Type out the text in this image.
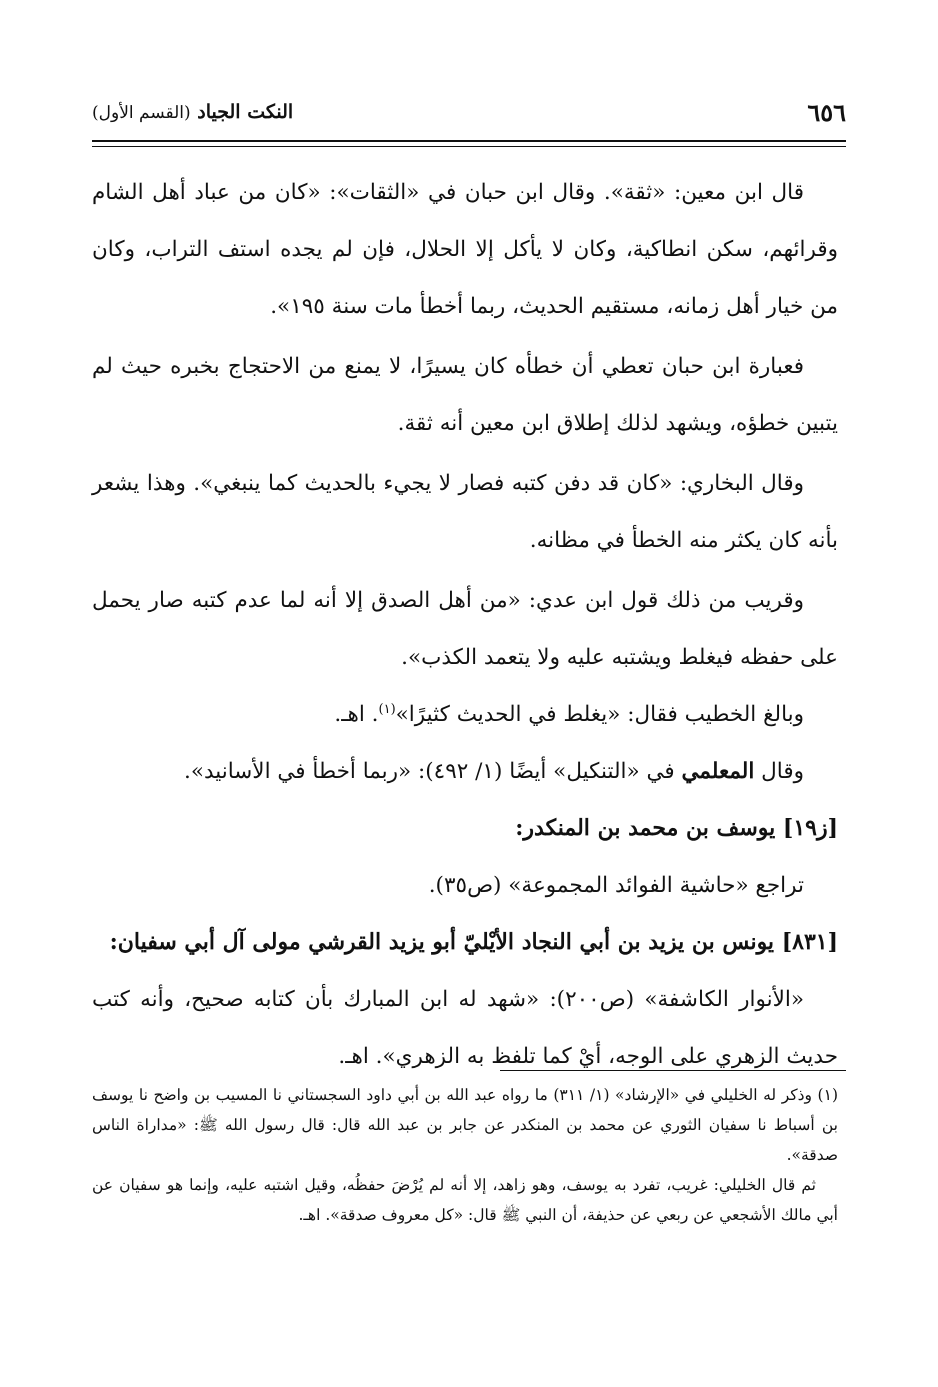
٦٥٦
النكت الجياد (القسم الأول)

قال ابن معين: «ثقة». وقال ابن حبان في «الثقات»: «كان من عباد أهل الشام وقرائهم، سكن انطاكية، وكان لا يأكل إلا الحلال، فإن لم يجده استف التراب، وكان من خيار أهل زمانه، مستقيم الحديث، ربما أخطأ مات سنة ١٩٥».

فعبارة ابن حبان تعطي أن خطأه كان يسيرًا، لا يمنع من الاحتجاج بخبره حيث لم يتبين خطؤه، ويشهد لذلك إطلاق ابن معين أنه ثقة.

وقال البخاري: «كان قد دفن كتبه فصار لا يجيء بالحديث كما ينبغي». وهذا يشعر بأنه كان يكثر منه الخطأ في مظانه.

وقريب من ذلك قول ابن عدي: «من أهل الصدق إلا أنه لما عدم كتبه صار يحمل على حفظه فيغلط ويشتبه عليه ولا يتعمد الكذب».

وبالغ الخطيب فقال: «يغلط في الحديث كثيرًا»$^{(١)}$. اهـ.

وقال المعلمي في «التنكيل» أيضًا (١/ ٤٩٢): «ربما أخطأ في الأسانيد».

[ز١٩] يوسف بن محمد بن المنكدر:

تراجع «حاشية الفوائد المجموعة» (ص٣٥).

[٨٣١] يونس بن يزيد بن أبي النجاد الأيْليّ أبو يزيد القرشي مولى آل أبي سفيان:

«الأنوار الكاشفة» (ص٢٠٠): «شهد له ابن المبارك بأن كتابه صحيح، وأنه كتب حديث الزهري على الوجه، أيْ كما تلفظ به الزهري». اهـ.

(١) وذكر له الخليلي في «الإرشاد» (١/ ٣١١) ما رواه عبد الله بن أبي داود السجستاني نا المسيب بن واضح نا يوسف بن أسباط نا سفيان الثوري عن محمد بن المنكدر عن جابر بن عبد الله قال: قال رسول الله ﷺ: «مداراة الناس صدقة».

ثم قال الخليلي: غريب، تفرد به يوسف، وهو زاهد، إلا أنه لم يُرْضَ حفظُه، وقيل اشتبه عليه، وإنما هو سفيان عن أبي مالك الأشجعي عن ربعي عن حذيفة، أن النبي ﷺ قال: «كل معروف صدقة». اهـ.
